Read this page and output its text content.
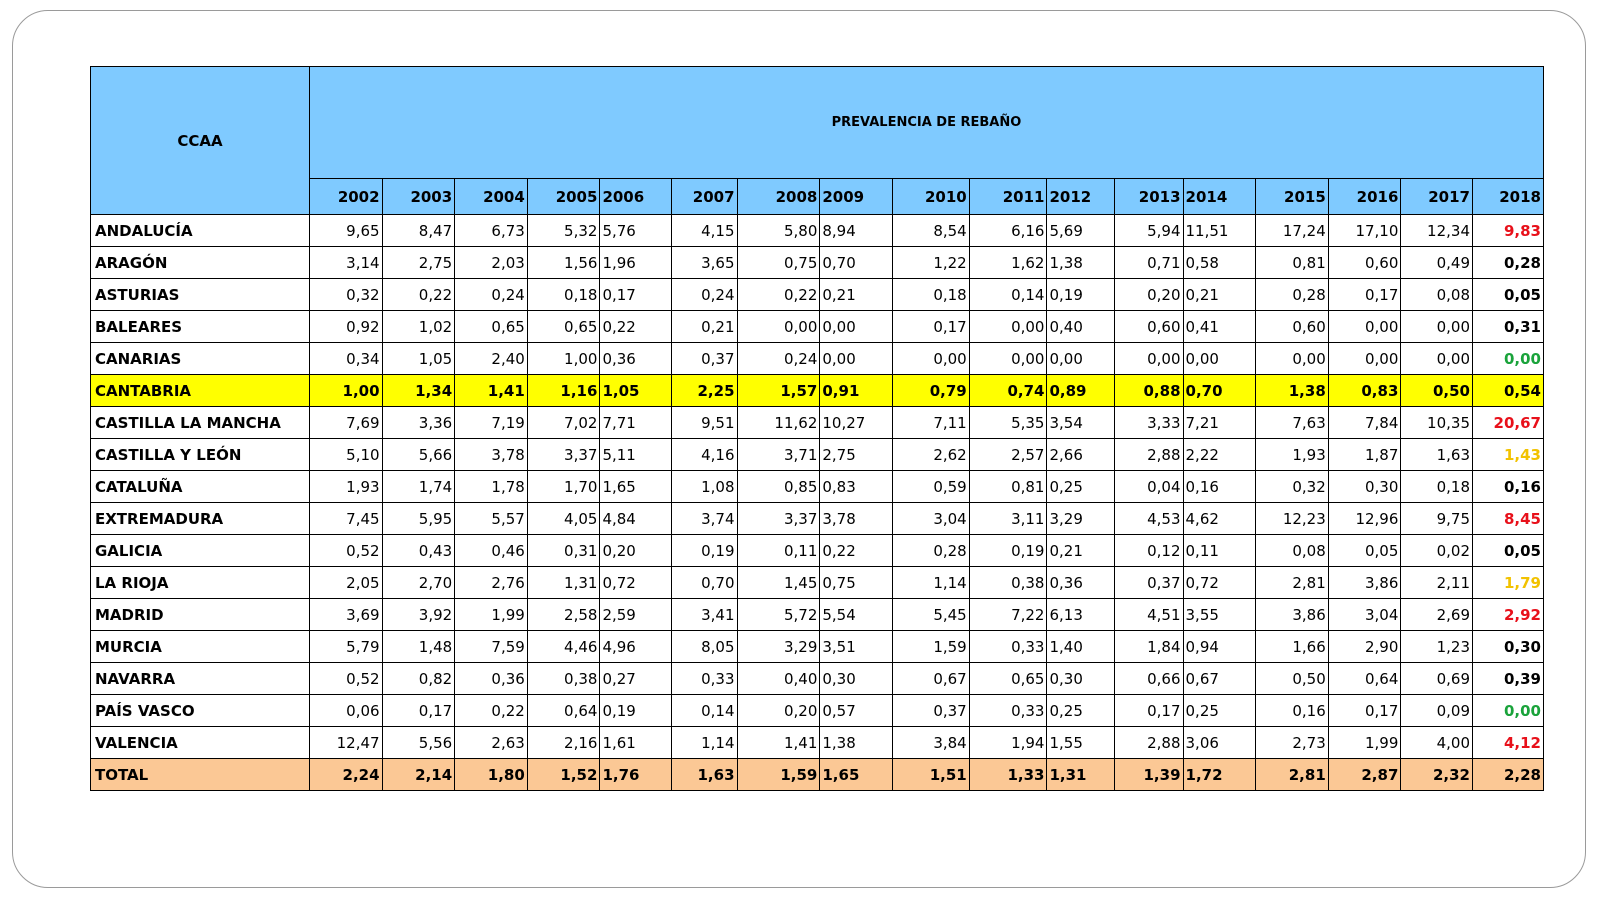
CCAA	PREVALENCIA DE REBAÑO																
	2002	2003	2004	2005	2006	2007	2008	2009	2010	2011	2012	2013	2014	2015	2016	2017	2018
ANDALUCÍA	9,65	8,47	6,73	5,32	5,76	4,15	5,80	8,94	8,54	6,16	5,69	5,94	11,51	17,24	17,10	12,34	9,83
ARAGÓN	3,14	2,75	2,03	1,56	1,96	3,65	0,75	0,70	1,22	1,62	1,38	0,71	0,58	0,81	0,60	0,49	0,28
ASTURIAS	0,32	0,22	0,24	0,18	0,17	0,24	0,22	0,21	0,18	0,14	0,19	0,20	0,21	0,28	0,17	0,08	0,05
BALEARES	0,92	1,02	0,65	0,65	0,22	0,21	0,00	0,00	0,17	0,00	0,40	0,60	0,41	0,60	0,00	0,00	0,31
CANARIAS	0,34	1,05	2,40	1,00	0,36	0,37	0,24	0,00	0,00	0,00	0,00	0,00	0,00	0,00	0,00	0,00	0,00
CANTABRIA	1,00	1,34	1,41	1,16	1,05	2,25	1,57	0,91	0,79	0,74	0,89	0,88	0,70	1,38	0,83	0,50	0,54
CASTILLA LA MANCHA	7,69	3,36	7,19	7,02	7,71	9,51	11,62	10,27	7,11	5,35	3,54	3,33	7,21	7,63	7,84	10,35	20,67
CASTILLA Y LEÓN	5,10	5,66	3,78	3,37	5,11	4,16	3,71	2,75	2,62	2,57	2,66	2,88	2,22	1,93	1,87	1,63	1,43
CATALUÑA	1,93	1,74	1,78	1,70	1,65	1,08	0,85	0,83	0,59	0,81	0,25	0,04	0,16	0,32	0,30	0,18	0,16
EXTREMADURA	7,45	5,95	5,57	4,05	4,84	3,74	3,37	3,78	3,04	3,11	3,29	4,53	4,62	12,23	12,96	9,75	8,45
GALICIA	0,52	0,43	0,46	0,31	0,20	0,19	0,11	0,22	0,28	0,19	0,21	0,12	0,11	0,08	0,05	0,02	0,05
LA RIOJA	2,05	2,70	2,76	1,31	0,72	0,70	1,45	0,75	1,14	0,38	0,36	0,37	0,72	2,81	3,86	2,11	1,79
MADRID	3,69	3,92	1,99	2,58	2,59	3,41	5,72	5,54	5,45	7,22	6,13	4,51	3,55	3,86	3,04	2,69	2,92
MURCIA	5,79	1,48	7,59	4,46	4,96	8,05	3,29	3,51	1,59	0,33	1,40	1,84	0,94	1,66	2,90	1,23	0,30
NAVARRA	0,52	0,82	0,36	0,38	0,27	0,33	0,40	0,30	0,67	0,65	0,30	0,66	0,67	0,50	0,64	0,69	0,39
PAÍS VASCO	0,06	0,17	0,22	0,64	0,19	0,14	0,20	0,57	0,37	0,33	0,25	0,17	0,25	0,16	0,17	0,09	0,00
VALENCIA	12,47	5,56	2,63	2,16	1,61	1,14	1,41	1,38	3,84	1,94	1,55	2,88	3,06	2,73	1,99	4,00	4,12
TOTAL	2,24	2,14	1,80	1,52	1,76	1,63	1,59	1,65	1,51	1,33	1,31	1,39	1,72	2,81	2,87	2,32	2,28
